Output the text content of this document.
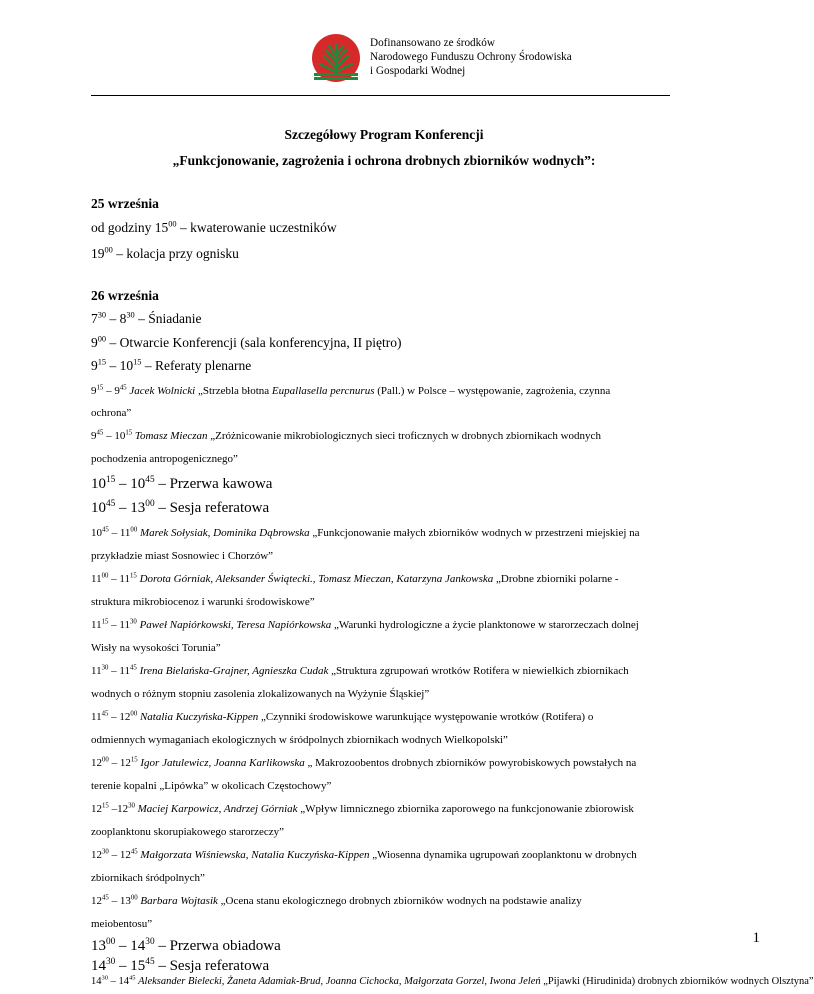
Dofinansowano ze środków
Narodowego Funduszu Ochrony Środowiska
i Gospodarki Wodnej
Szczegółowy Program Konferencji
„Funkcjonowanie, zagrożenia i ochrona drobnych zbiorników wodnych”:
25 września
od godziny $15^{00}$ – kwaterowanie uczestników
$19^{00}$ – kolacja przy ognisku
26 września
$7^{30} - 8^{30}$ – Śniadanie
$9^{00}$ – Otwarcie Konferencji (sala konferencyjna, II piętro)
$9^{15} - 10^{15}$ – Referaty plenarne
$9^{15} - 9^{45}$ Jacek Wolnicki „Strzebla błotna Eupallasella percnurus (Pall.) w Polsce – występowanie, zagrożenia, czynna
ochrona”
$9^{45} - 10^{15}$ Tomasz Mieczan „Zróżnicowanie mikrobiologicznych sieci troficznych w drobnych zbiornikach wodnych
pochodzenia antropogenicznego”
$10^{15} - 10^{45}$ – Przerwa kawowa
$10^{45} - 13^{00}$ – Sesja referatowa
$10^{45} - 11^{00}$ Marek Sołysiak, Dominika Dąbrowska „Funkcjonowanie małych zbiorników wodnych w przestrzeni miejskiej na
przykładzie miast Sosnowiec i Chorzów”
$11^{00} - 11^{15}$ Dorota Górniak, Aleksander Świątecki., Tomasz Mieczan, Katarzyna Jankowska „Drobne zbiorniki polarne -
struktura mikrobiocenoz i warunki środowiskowe”
$11^{15} - 11^{30}$ Paweł Napiórkowski, Teresa Napiórkowska „Warunki hydrologiczne a życie planktonowe w starorzeczach dolnej
Wisły na wysokości Torunia”
$11^{30} - 11^{45}$ Irena Bielańska-Grajner, Agnieszka Cudak „Struktura zgrupowań wrotków Rotifera w niewielkich zbiornikach
wodnych o różnym stopniu zasolenia zlokalizowanych na Wyżynie Śląskiej”
$11^{45} - 12^{00}$ Natalia Kuczyńska-Kippen „Czynniki środowiskowe warunkujące występowanie wrotków (Rotifera) o
odmiennych wymaganiach ekologicznych w śródpolnych zbiornikach wodnych Wielkopolski”
$12^{00} - 12^{15}$ Igor Jatulewicz, Joanna Karlikowska „ Makrozoobentos drobnych zbiorników powyrobiskowych powstałych na
terenie kopalni „Lipówka” w okolicach Częstochowy”
$12^{15}$ $-12^{30}$ Maciej Karpowicz, Andrzej Górniak „Wpływ limnicznego zbiornika zaporowego na funkcjonowanie zbiorowisk
zooplanktonu skorupiakowego starorzeczy”
$12^{30} - 12^{45}$ Małgorzata Wiśniewska, Natalia Kuczyńska-Kippen „Wiosenna dynamika ugrupowań zooplanktonu w drobnych
zbiornikach śródpolnych”
$12^{45} - 13^{00}$ Barbara Wojtasik „Ocena stanu ekologicznego drobnych zbiorników wodnych na podstawie analizy
meiobentosu”
$13^{00} - 14^{30}$ – Przerwa obiadowa
$14^{30} - 15^{45}$ – Sesja referatowa
$14^{30} - 14^{45}$ Aleksander Bielecki, Żaneta Adamiak-Brud, Joanna Cichocka, Małgorzata Gorzel, Iwona Jeleń „Pijawki (Hirudinida) drobnych zbiorników wodnych Olsztyna”
1
